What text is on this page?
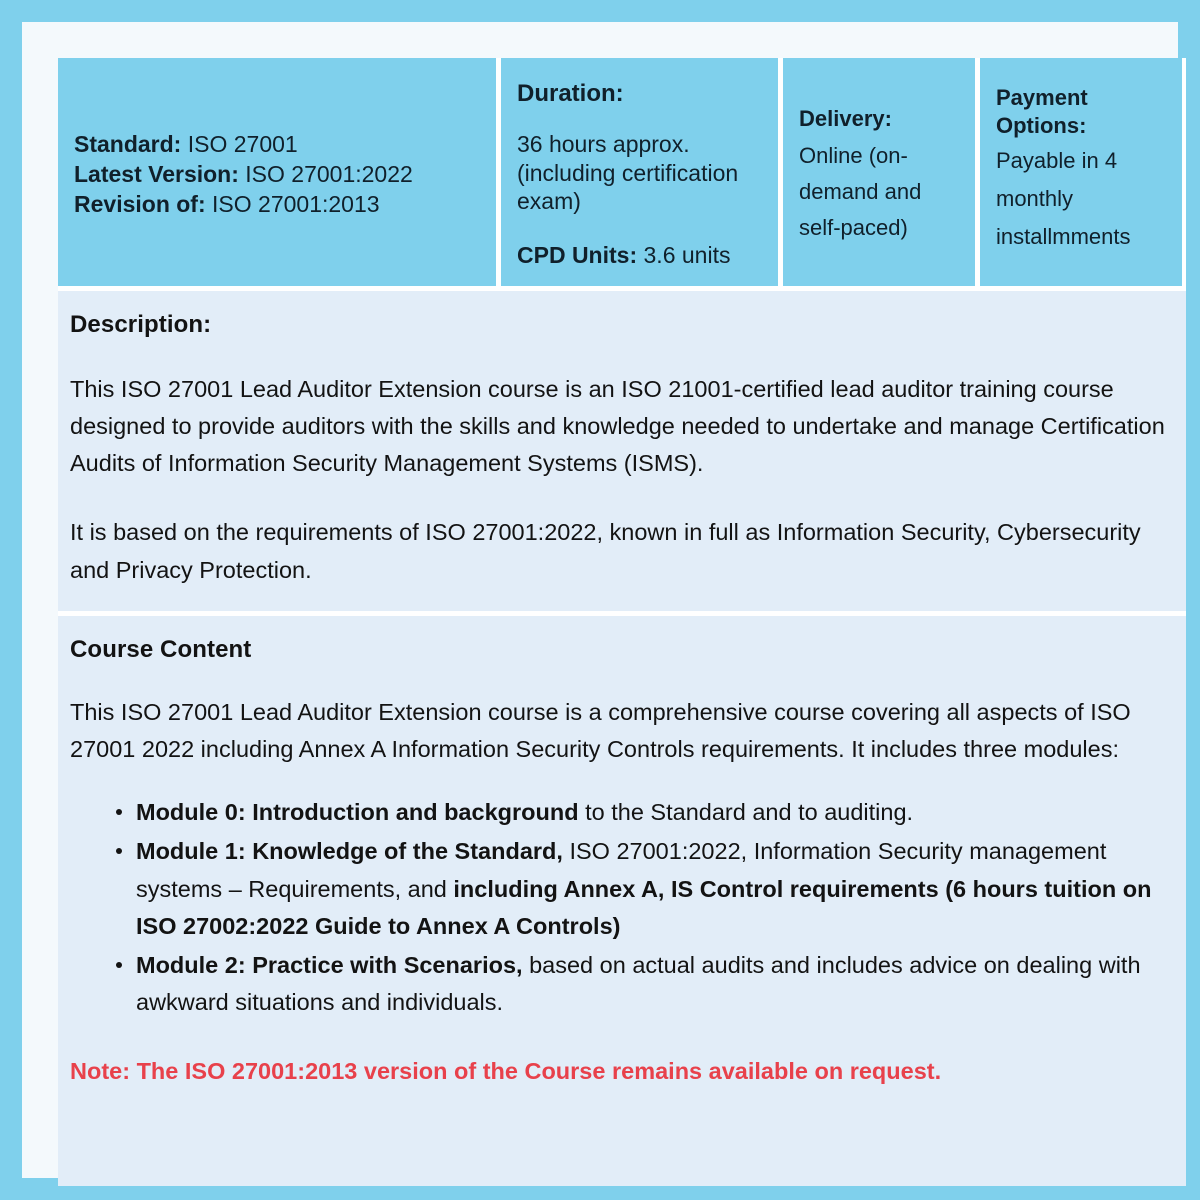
Standard: ISO 27001
Latest Version: ISO 27001:2022
Revision of: ISO 27001:2013
Duration:
36 hours approx. (including certification exam)
CPD Units: 3.6 units
Delivery: Online (on-demand and self-paced)
Payment Options:
Payable in 4 monthly installmments
Description:
This ISO 27001 Lead Auditor Extension course is an ISO 21001-certified lead auditor training course designed to provide auditors with the skills and knowledge needed to undertake and manage Certification Audits of Information Security Management Systems (ISMS).
It is based on the requirements of ISO 27001:2022, known in full as Information Security, Cybersecurity and Privacy Protection.
Course Content
This ISO 27001 Lead Auditor Extension course is a comprehensive course covering all aspects of ISO 27001 2022 including Annex A Information Security Controls requirements. It includes three modules:
Module 0: Introduction and background to the Standard and to auditing.
Module 1: Knowledge of the Standard, ISO 27001:2022, Information Security management systems – Requirements, and including Annex A, IS Control requirements (6 hours tuition on ISO 27002:2022 Guide to Annex A Controls)
Module 2: Practice with Scenarios, based on actual audits and includes advice on dealing with awkward situations and individuals.
Note: The ISO 27001:2013 version of the Course remains available on request.
